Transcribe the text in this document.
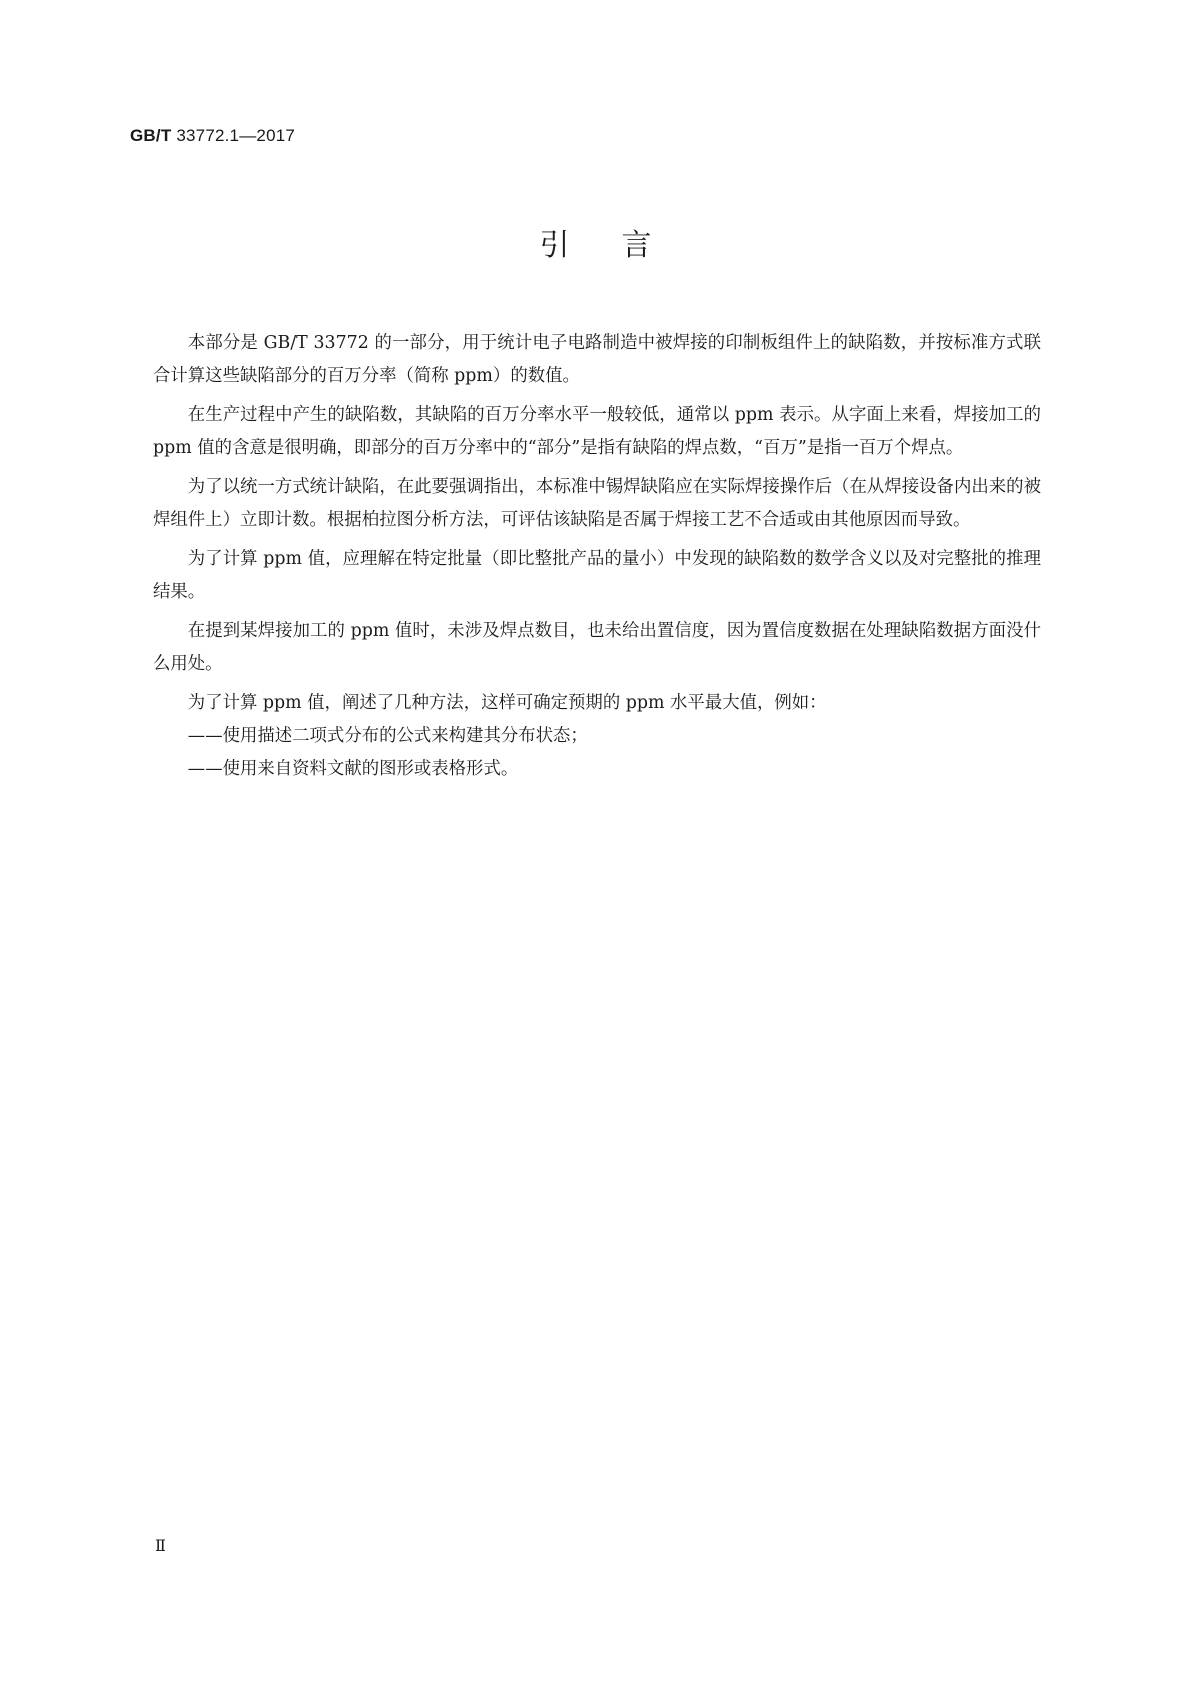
GB/T 33772.1—2017
引言

本部分是 GB/T 33772 的一部分，用于统计电子电路制造中被焊接的印制板组件上的缺陷数，并按标准方式联合计算这些缺陷部分的百万分率（简称 ppm）的数值。

在生产过程中产生的缺陷数，其缺陷的百万分率水平一般较低，通常以 ppm 表示。从字面上来看，焊接加工的 ppm 值的含意是很明确，即部分的百万分率中的“部分”是指有缺陷的焊点数，“百万”是指一百万个焊点。

为了以统一方式统计缺陷，在此要强调指出，本标准中锡焊缺陷应在实际焊接操作后（在从焊接设备内出来的被焊组件上）立即计数。根据柏拉图分析方法，可评估该缺陷是否属于焊接工艺不合适或由其他原因而导致。

为了计算 ppm 值，应理解在特定批量（即比整批产品的量小）中发现的缺陷数的数学含义以及对完整批的推理结果。

在提到某焊接加工的 ppm 值时，未涉及焊点数目，也未给出置信度，因为置信度数据在处理缺陷数据方面没什么用处。

为了计算 ppm 值，阐述了几种方法，这样可确定预期的 ppm 水平最大值，例如：

——使用描述二项式分布的公式来构建其分布状态；
——使用来自资料文献的图形或表格形式。
Ⅱ
